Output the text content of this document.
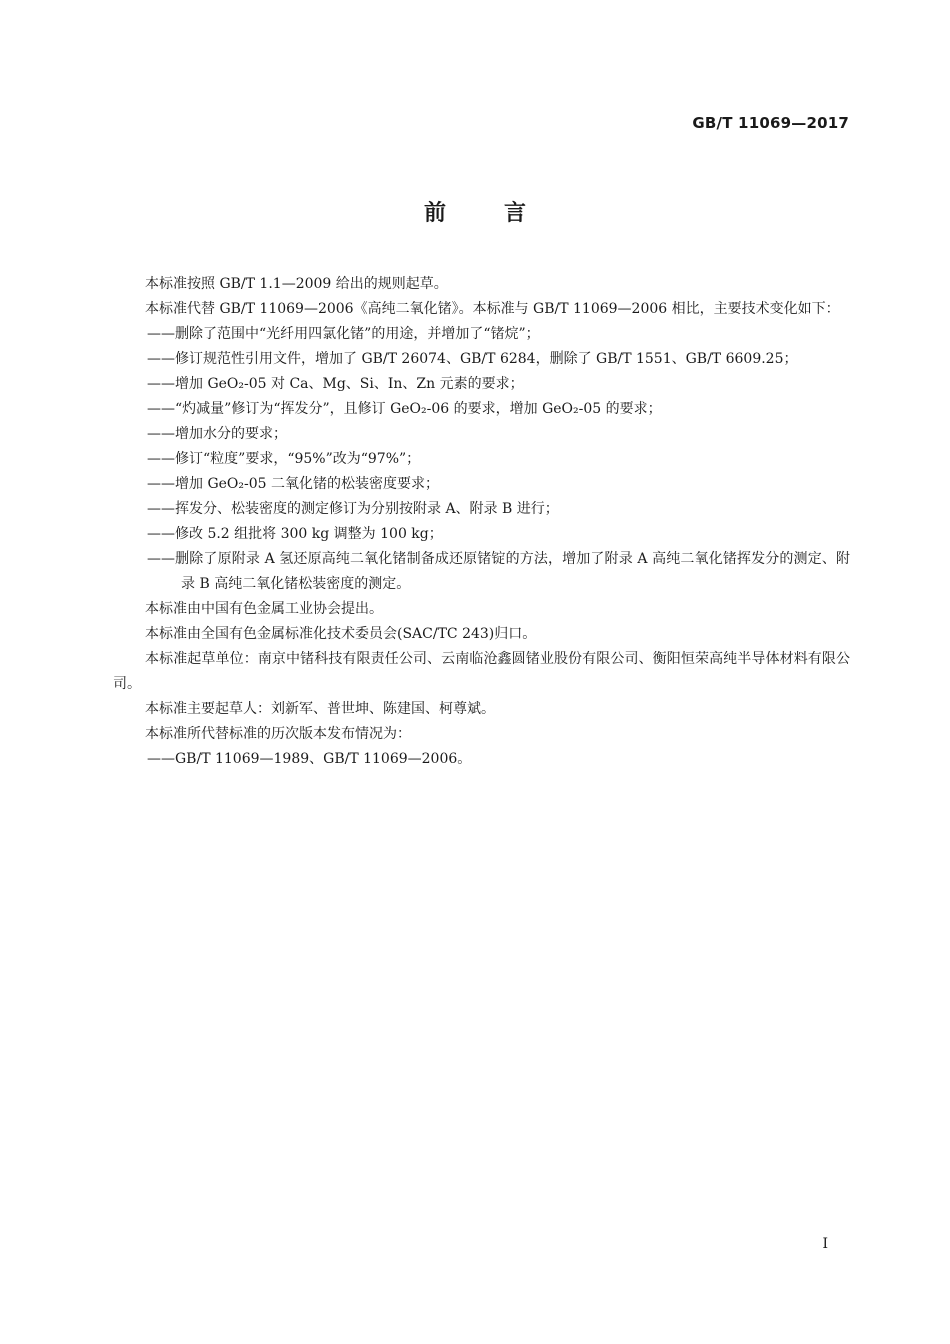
GB/T 11069—2017
前言

本标准按照 GB/T 1.1—2009 给出的规则起草。

本标准代替 GB/T 11069—2006《高纯二氧化锗》。本标准与 GB/T 11069—2006 相比，主要技术变化如下：

——删除了范围中“光纤用四氯化锗”的用途，并增加了“锗烷”；

——修订规范性引用文件，增加了 GB/T 26074、GB/T 6284，删除了 GB/T 1551、GB/T 6609.25；

——增加 GeO₂-05 对 Ca、Mg、Si、In、Zn 元素的要求；

——“灼减量”修订为“挥发分”，且修订 GeO₂-06 的要求，增加 GeO₂-05 的要求；

——增加水分的要求；

——修订“粒度”要求，“95%”改为“97%”；

——增加 GeO₂-05 二氧化锗的松装密度要求；

——挥发分、松装密度的测定修订为分别按附录 A、附录 B 进行；

——修改 5.2 组批将 300 kg 调整为 100 kg；

——删除了原附录 A 氢还原高纯二氧化锗制备成还原锗锭的方法，增加了附录 A 高纯二氧化锗挥发分的测定、附录 B 高纯二氧化锗松装密度的测定。

本标准由中国有色金属工业协会提出。

本标准由全国有色金属标准化技术委员会(SAC/TC 243)归口。

本标准起草单位：南京中锗科技有限责任公司、云南临沧鑫圆锗业股份有限公司、衡阳恒荣高纯半导体材料有限公司。

本标准主要起草人：刘新军、普世坤、陈建国、柯尊斌。

本标准所代替标准的历次版本发布情况为：

——GB/T 11069—1989、GB/T 11069—2006。

I
